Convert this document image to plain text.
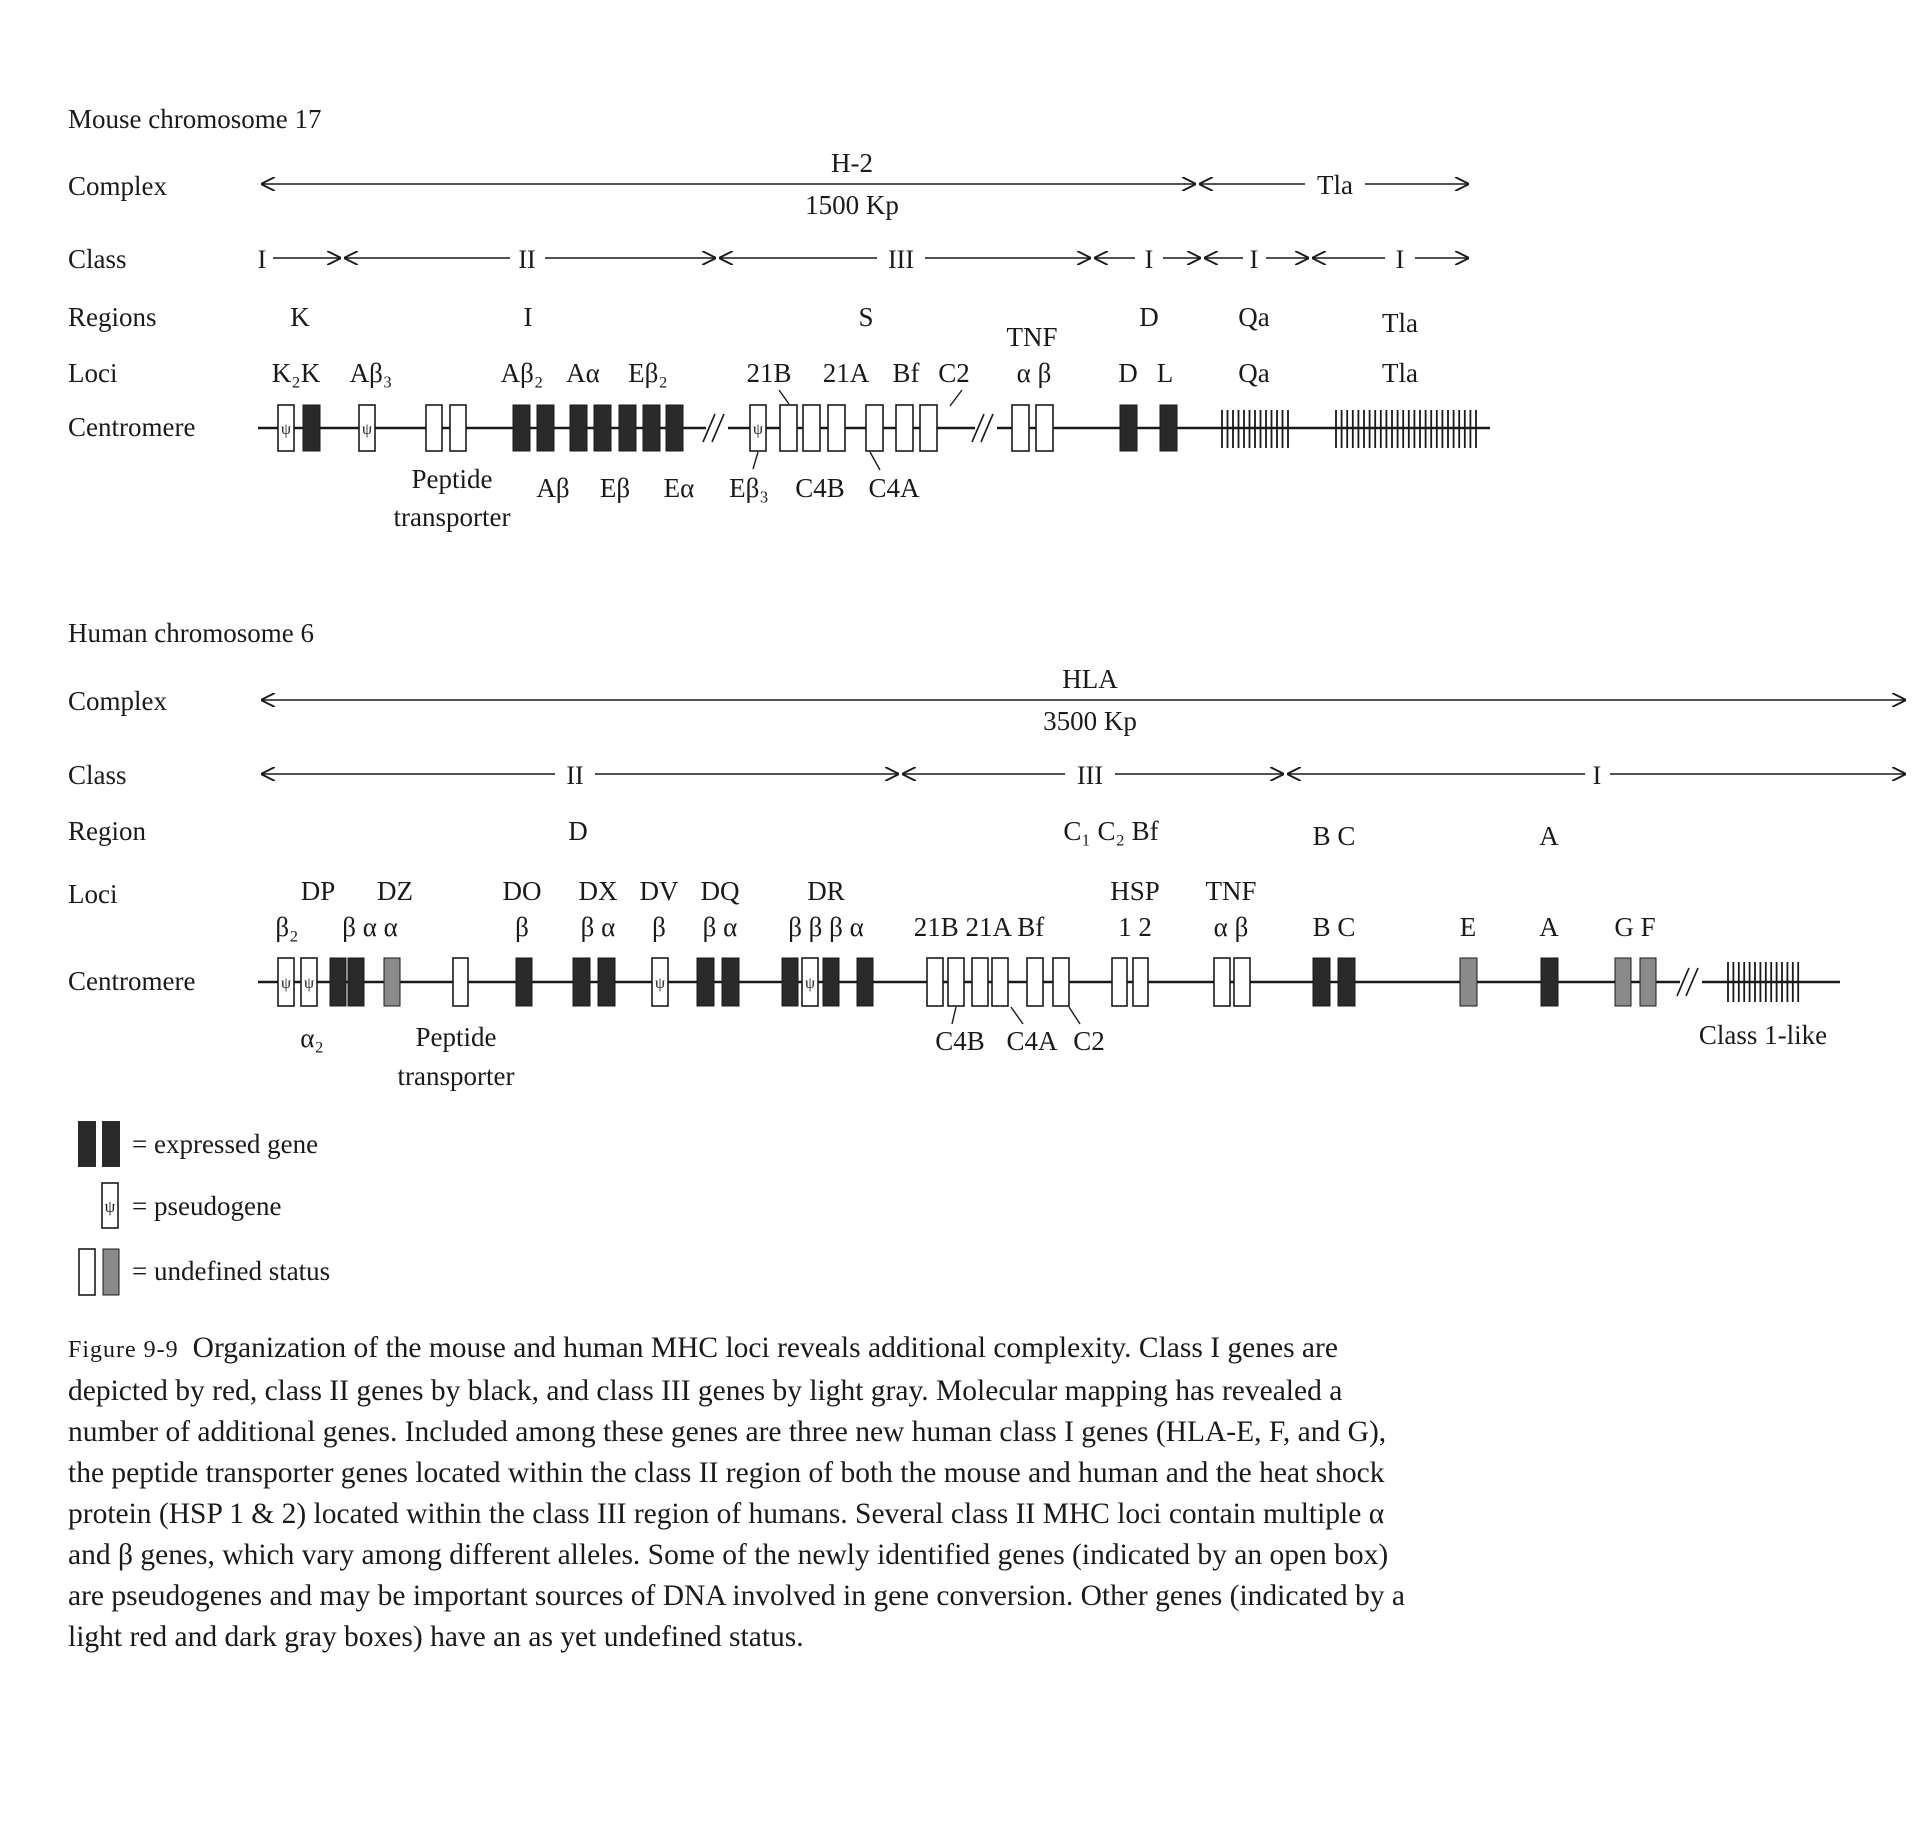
Mouse chromosome 17
Complex
Class
Regions
Loci
Centromere
H-2
1500 Kp
Tla
I	II	III	I	I	I
K	I	S	D	Qa	Tla
K₂K Aβ₃	Aβ₂ Aα Eβ₂	21B 21A Bf C2
TNF
α β D L Qa	Tla
ψ	ψ	ψ
Peptide
transporter
Aβ Eβ Eα Eβ₃ C4B C4A
Human chromosome 6
Complex
Class
Region
Loci
Centromere
HLA
3500 Kp
II	III	I
D	C₁ C₂ Bf	B C	A
DP DZ	DO DX DV DQ	DR	HSP TNF
β₂ β α α	β β α β β α β β β α 21B 21A Bf	1 2 α β B C	E A G F
ψ ψ	ψ	ψ
α₂	Peptide
transporter
C4B C4A C2	Class 1-like
= expressed gene
ψ = pseudogene
= undefined status

Figure 9-9 Organization of the mouse and human MHC loci reveals additional complexity. Class I genes are depicted by red, class II genes by black, and class III genes by light gray. Molecular mapping has revealed a number of additional genes. Included among these genes are three new human class I genes (HLA-E, F, and G), the peptide transporter genes located within the class II region of both the mouse and human and the heat shock protein (HSP 1 & 2) located within the class III region of humans. Several class II MHC loci contain multiple α and β genes, which vary among different alleles. Some of the newly identified genes (indicated by an open box) are pseudogenes and may be important sources of DNA involved in gene conversion. Other genes (indicated by a light red and dark gray boxes) have an as yet undefined status.
